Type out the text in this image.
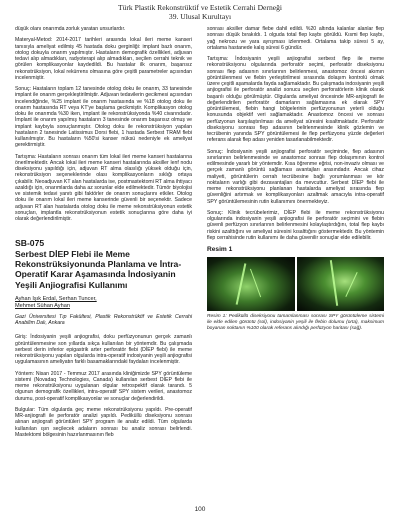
Türk Plastik Rekonstrüktif ve Estetik Cerrahi Derneği
39. Ulusal Kurultayı

düşük olanı onarımda zorluk yaratan unsurlardır.

Materyal-Metod: 2014-2017 tarihleri arasında lokal ileri meme kanseri tanısıyla ameliyat edilmiş 45 hastada doku gerginliği: implant bazlı onarım, otolog dokuyla onarım yapılmıştır. Hastaların demografik özellikleri, adjuvan tedavi alıp almadıkları, radyoterapi alıp almadıkları, seçilen cerrahi teknik ve görülen komplikasyonlar kaydedildi. Bu hastalar ilk onarım, başarısız rekonstrüksiyon, lokal rekürrens olmasına göre çeşitli parametreler açısından incelenmiştir.

Sonuç: Hastaların toplam 12 tanesinde otolog doku ile onarım, 33 tanesinde implant ile onarım gerçekleştirilmiştir. Adjuvan tedavilerin gecikmesi açısından incelendiğinde, %25 implant ile onarım hastasında ve %18 otolog doku ile onarım hastasında RT veya KT'ye başlama gecikmiştir. Komplikasyon otolog doku ile onarımda %30 iken, implant ile rekonstrüksiyonda %40 civarındadır. İmplant ile onarım yapılmış hastaların 3 tanesinde onarım başarısız olmuş ve implant kaybıyla sonuçlanmıştır. Otolog doku ile rekonstrüksiyon yapılan hastaların 2 tanesinde Latissimus Dorsi flebi, 1 hastada Serbest TRAM flebi kullanılmıştır. Bu hastaların %50'si kanser nüksü nedeniyle ek ameliyat gerektirmiştir.

Tartışma: Hastaların sonrası onarım tüm lokal ileri meme kanseri hastalarına önerilmektedir. Ancak lokal ileri meme kanseri hastalarında aksiller lenf nodu diseksiyonu yapıldığı için, adjuvan RT alma olasılığı yüksek olduğu için, rekonstrüksiyon seçeneklerinde olası komplikasyonların sıklığı ortaya çıkabilir. Neoadjuvan KT alan hastalarda ise, postmastektomi RT alma ihtiyacı azaldığı için, onarımlarda daha az sorunlar elde edilmektedir. Tümör biyolojisi ve sistemik tedavi yanıtı gibi faktörler de onarım sonuçlarını etkiler. Otolog doku ile onarım lokal ileri meme kanserinde güvenli bir seçenektir. Sadece adjuvan RT alan hastalarda otolog doku ile meme rekonstrüksiyonun estetik sonuçları, implantla rekonstrüksiyonun estetik sonuçlarına göre daha iyi olarak değerlendirilmiştir.

SB-075
Serbest DİEP Flebi ile Meme Rekonstrüksiyonunda Planlama ve İntra-Operatif Karar Aşamasında İndosiyanin Yeşili Anjiografisi Kullanımı
Ayhan Işık Erdal, Serhan Tuncer,
Mehmet Sühan Ayhan
Gazi Üniversitesi Tıp Fakültesi, Plastik Rekonstrüktif ve Estetik Cerrahi Anabilim Dalı, Ankara

Giriş: İndosiyanin yeşili anjiografisi, doku perfüzyonunun gerçek zamanlı görüntülenmesine son yıllarda sıkça kullanılan bir yöntemdir. Bu çalışmada serbest derin inferior epigastrik arter perforatör flebi (DİEP flebi) ile meme rekonstrüksiyonu yapılan olgularda intra-operatif indosiyanin yeşili anjiografisi uygulamasının ameliyatın farklı basamaklarındaki faydaları incelenmiştir.

Yöntem: Nisan 2017 - Temmuz 2017 arasında kliniğimizde SPY görüntüleme sistemi (Novadaq Technologies, Canada) kullanılan serbest DİEP flebi ile meme rekonstrüksiyonu uygulanan olgular retrospektif olarak tarandı. 5 olgunun demografik özellikleri, intra-operatif SPY sistem verileri, anastomoz durumu, post-operatif komplikasyonlar ve sonuçlar değerlendirildi.

Bulgular: Tüm olgularda geç meme rekonstrüksiyonu yapıldı. Pre-operatif MR-anjiografi ile perforatör analizi yapıldı. Pediküllü diseksiyonu sonrası alınan anjiografi görüntüleri SPY program ile analiz edildi. Tüm olgularda kullanılan ışın seçilecek adaların sonrası bu analiz sonrası belirlendi. Mastektomi bölgesinin hazırlanmasının fleb

sonrası aksiller damar flebe dahil edildi. %20 altında kalanlar alanlar flep sonrası düşük bırakıldı. 1 olguda total flep kaybı görüldü. Kısmi flep kaybı, yağ nekrozu ve yara ayrışması izlenmedi. Ortalama takip süresi 5 ay, ortalama hastanede kalış süresi 6 gündür.

Tartışma: İndosiyanin yeşili anjiografisi serbest flep ile meme rekonstrüksiyonu olgularında perforatör seçimi, perforatör diseksiyonu sonrası flep adasının sınırlarının belirlenmesi, anastomoz öncesi akımın görüntülenmesi ve flebin yerleştirilmesi sırasında dolaşım kontrolü olmak üzere çeşitli aşamalarda fayda sağlamaktadır. Bu çalışmada indosiyanin yeşili anjiografisi ile perforatör analizi sonucu seçilen perforatörlerin klinik olarak başarılı olduğu görülmüştür. Olgularda ameliyat öncesinde MR-anjiografi ile değerlendirilen perforatör damarların sağlamasına ek olarak SPY görüntülemesi, flebin hangi bölgelerinin perfüzyonunun yeterli olduğu konusunda objektif veri sağlamaktadır. Anastomoz öncesi ve sonrası perfüzyonun karşılaştırılması da ameliyat süresini kısaltmaktadır. Perforatör diseksiyonu sonrası flep adasının belirlenmesinde klinik gözlemin ve tecrübenin yanında SPY görüntülemesi ile flep perfüzyonu yüzde değerleri referans alarak flep adası yeniden tasarlanabilmektedir.

Sonuç: İndosiyanin yeşili anjiografisi perforatör seçiminde, flep adasının sınırlarının belirlenmesinde ve anastomoz sonrası flep dolaşımının kontrol edilmesinde yararlı bir yöntemdir. Kısa öğrenme eğrisi, non-invaziv olması ve gerçek zamanlı görüntü sağlaması avantajları arasındadır. Ancak cihaz maliyeti, görüntülerin cerrah tecrübesine bağlı yorumlanması ve kör noktaların varlığı gibi dezavantajları da mevcuttur. Serbest DİEP flebi ile meme rekonstrüksiyonu planlanan hastalarda ameliyat sırasında flep güvenliğini artırmak ve komplikasyonları azaltmak amacıyla intra-operatif SPY görüntülemesinin rutin kullanımını önermekteyiz.

Sonuç: Klinik tecrübelerimiz, DİEP flebi ile meme rekonstrüksiyonu olgularında indosiyanin yeşili anjiografisi ile perforatör seçimini ve flebin güvenli perfüzyon sınırlarının belirlenmesini kolaylaştırdığını, total flep kaybı riskini azalttığını ve ameliyat süresini kısalttığını göstermektedir. Bu yöntemin flep cerrahisinde rutin kullanımı ile daha güvenilir sonuçlar elde edilebilir.

Resim 1
Resim 1: Pediküllü diseksiyonu tamamlanması sonrası SPY görüntüleme sistemi ile elde edilen görüntü (sol), indosiyanin yeşili ile flebin dolumu (orta), maksimum boyanan noktanın %100 olarak referans alındığı perfüzyon haritası (sağ).
100
